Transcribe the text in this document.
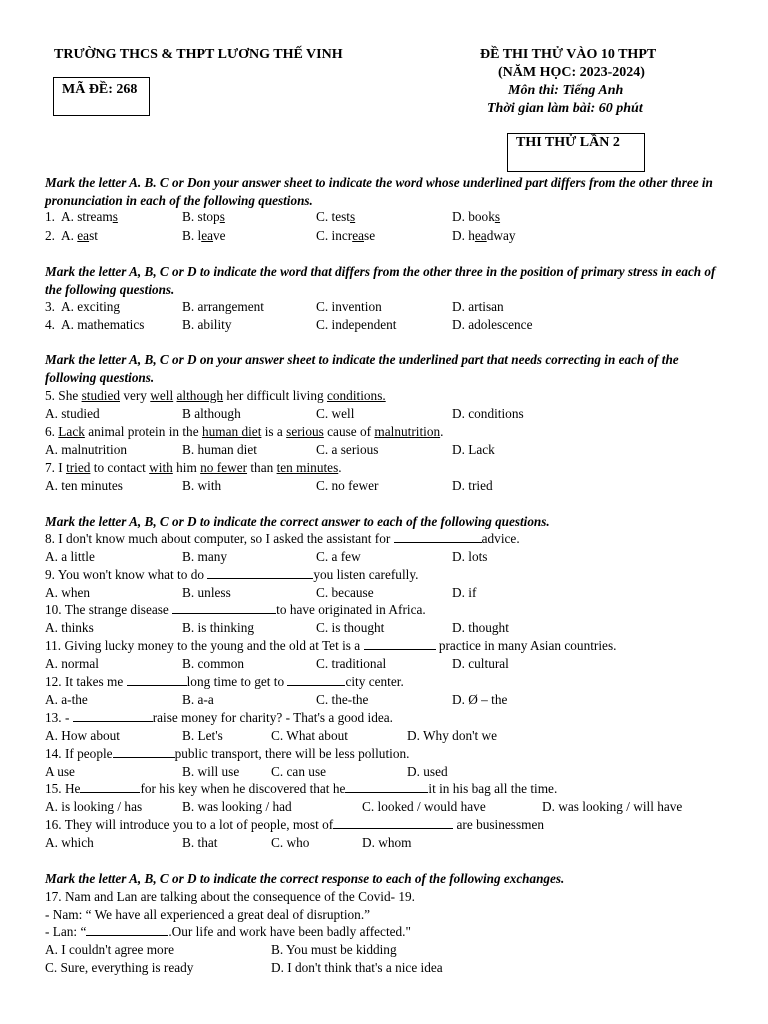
TRƯỜNG THCS & THPT LƯƠNG THẾ VINH	ĐỀ THI THỬ VÀO 10 THPT
(NĂM HỌC: 2023-2024)
Môn thi: Tiếng Anh
Thời gian làm bài: 60 phút
MÃ ĐỀ: 268
THI THỬ LẦN 2
Mark the letter A. B. C or Don your answer sheet to indicate the word whose underlined part differs from the other three in pronunciation in each of the following questions.
1. A. streams	B. stops	C. tests	D. books
2. A. east	B. leave	C. increase	D. headway
Mark the letter A, B, C or D to indicate the word that differs from the other three in the position of primary stress in each of the following questions.
3. A. exciting	B. arrangement	C. invention	D. artisan
4. A. mathematics	B. ability	C. independent	D. adolescence
Mark the letter A, B, C or D on your answer sheet to indicate the underlined part that needs correcting in each of the following questions.
5. She studied very well although her difficult living conditions.
A. studied	B although	C. well	D. conditions
6. Lack animal protein in the human diet is a serious cause of malnutrition.
A. malnutrition	B. human diet	C. a serious	D. Lack
7. I tried to contact with him no fewer than ten minutes.
A. ten minutes	B. with	C. no fewer	D. tried
Mark the letter A, B, C or D to indicate the correct answer to each of the following questions.
8. I don't know much about computer, so I asked the assistant for	advice.
A. a little	B. many	C. a few	D. lots
9. You won't know what to do	you listen carefully.
A. when	B. unless	C. because	D. if
10. The strange disease	to have originated in Africa.
A. thinks	B. is thinking	C. is thought	D. thought
11. Giving lucky money to the young and the old at Tet is a	practice in many Asian countries.
A. normal	B. common	C. traditional	D. cultural
12. It takes me	long time to get to	city center.
A. a-the	B. a-a	C. the-the	D. Ø – the
13. -	raise money for charity? - That's a good idea.
A. How about	B. Let's	C. What about	D. Why don't we
14. If people	public transport, there will be less pollution.
A use	B. will use C. can use	D. used
15. He	for his key when he discovered that he	it in his bag all the time.
A. is looking / has	B. was looking / had	C. looked / would have	D. was looking / will have
16. They will introduce you to a lot of people, most of	are businessmen
A. which	B. that	C. who	D. whom
Mark the letter A, B, C or D to indicate the correct response to each of the following exchanges.
17. Nam and Lan are talking about the consequence of the Covid- 19.
- Nam: “ We have all experienced a great deal of disruption.”
- Lan: “	.Our life and work have been badly affected."
A. I couldn't agree more	B. You must be kidding
C. Sure, everything is ready	D. I don't think that's a nice idea
